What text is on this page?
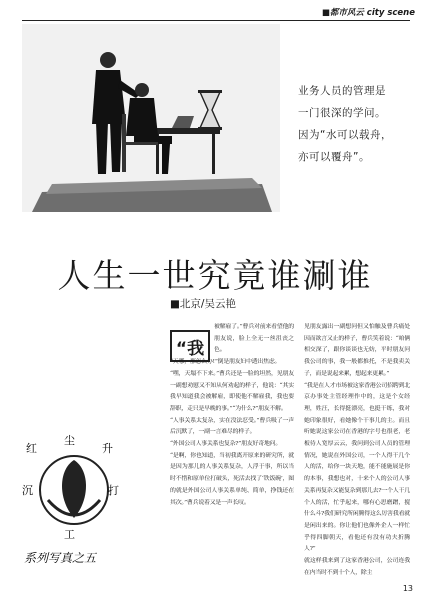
■都市风云 city scene
业务人员的管理是
一门很深的学问。
因为“水可以载舟，
亦可以覆舟”。
人生一世究竟谁涮谁
■北京/吴云艳
“我

被解雇了。”曹兵对前来看望他的朋友说，脸上全无一丝沮丧之色。

“天哪，那怎么办!”倒是朋友妇中透出焦虑。

“嘿，天塌不下来。”曹兵还是一脸的坦然，见朋友一副想劝慰又不知从何劝起的样子，他说：“其实我早知道我会被解雇，即使他不解雇我，我也要辞职，走只是早晚的事。”“为什么?”朋友不解。

“人事关系太复杂，实在没法忍受。”曹兵吸了一声后沉默了，一副一言难尽的样子。

“外国公司人事关系也复杂?”朋友好奇地问。

“是啊，你也知道，当初我离开原来的研究所，就是因为那儿的人事关系复杂，人浮于事，所以当时不惜和原单位打破头，死活去找了‘铁饭碗’，图的就是外国公司人事关系单纯、简单，挣钱还在其次。”曹兵说着又是一声长叹。

见朋友露出一副想问但又怕触及曹兵痛处因而欲言又止的样子，曹兵笑着说：“咱俩相交深了，跟你谈谈也无妨，平时朋友问我公司的事，我一般都推托，不是我卖关子，而是说起来累，想起来更累。”

“我是在人才市场被这家香港公司招聘到北京办事处主管经理作中的，这是个女经理，姓汪，长得挺漂亮，也挺干练，我对她印象很好，看她像个干事儿的主。而且听她说这家公司在香港的字号也很老，老板待人宽厚云云，我问到公司人员的管理情况，她说在外国公司，一个人得干几个人的活，给你一块天地，能不能施展是你的本事，我想也对，十来个人的公司人事关系再复杂又能复杂到那儿去?一个人干几个人的活，忙乎起来，哪有心思磨蹭，搅什么斗?我们研究所闲腾得这么厉害我看就是闲出来的。你让他们也像外企人一样忙乎得四脚朝天，看他还有没有功夫折腾人?”

就这样我来到了这家香港公司，公司连我在内当时不到十个人，除主

红
尘
升
沉	打
工
系列写真之五
13
